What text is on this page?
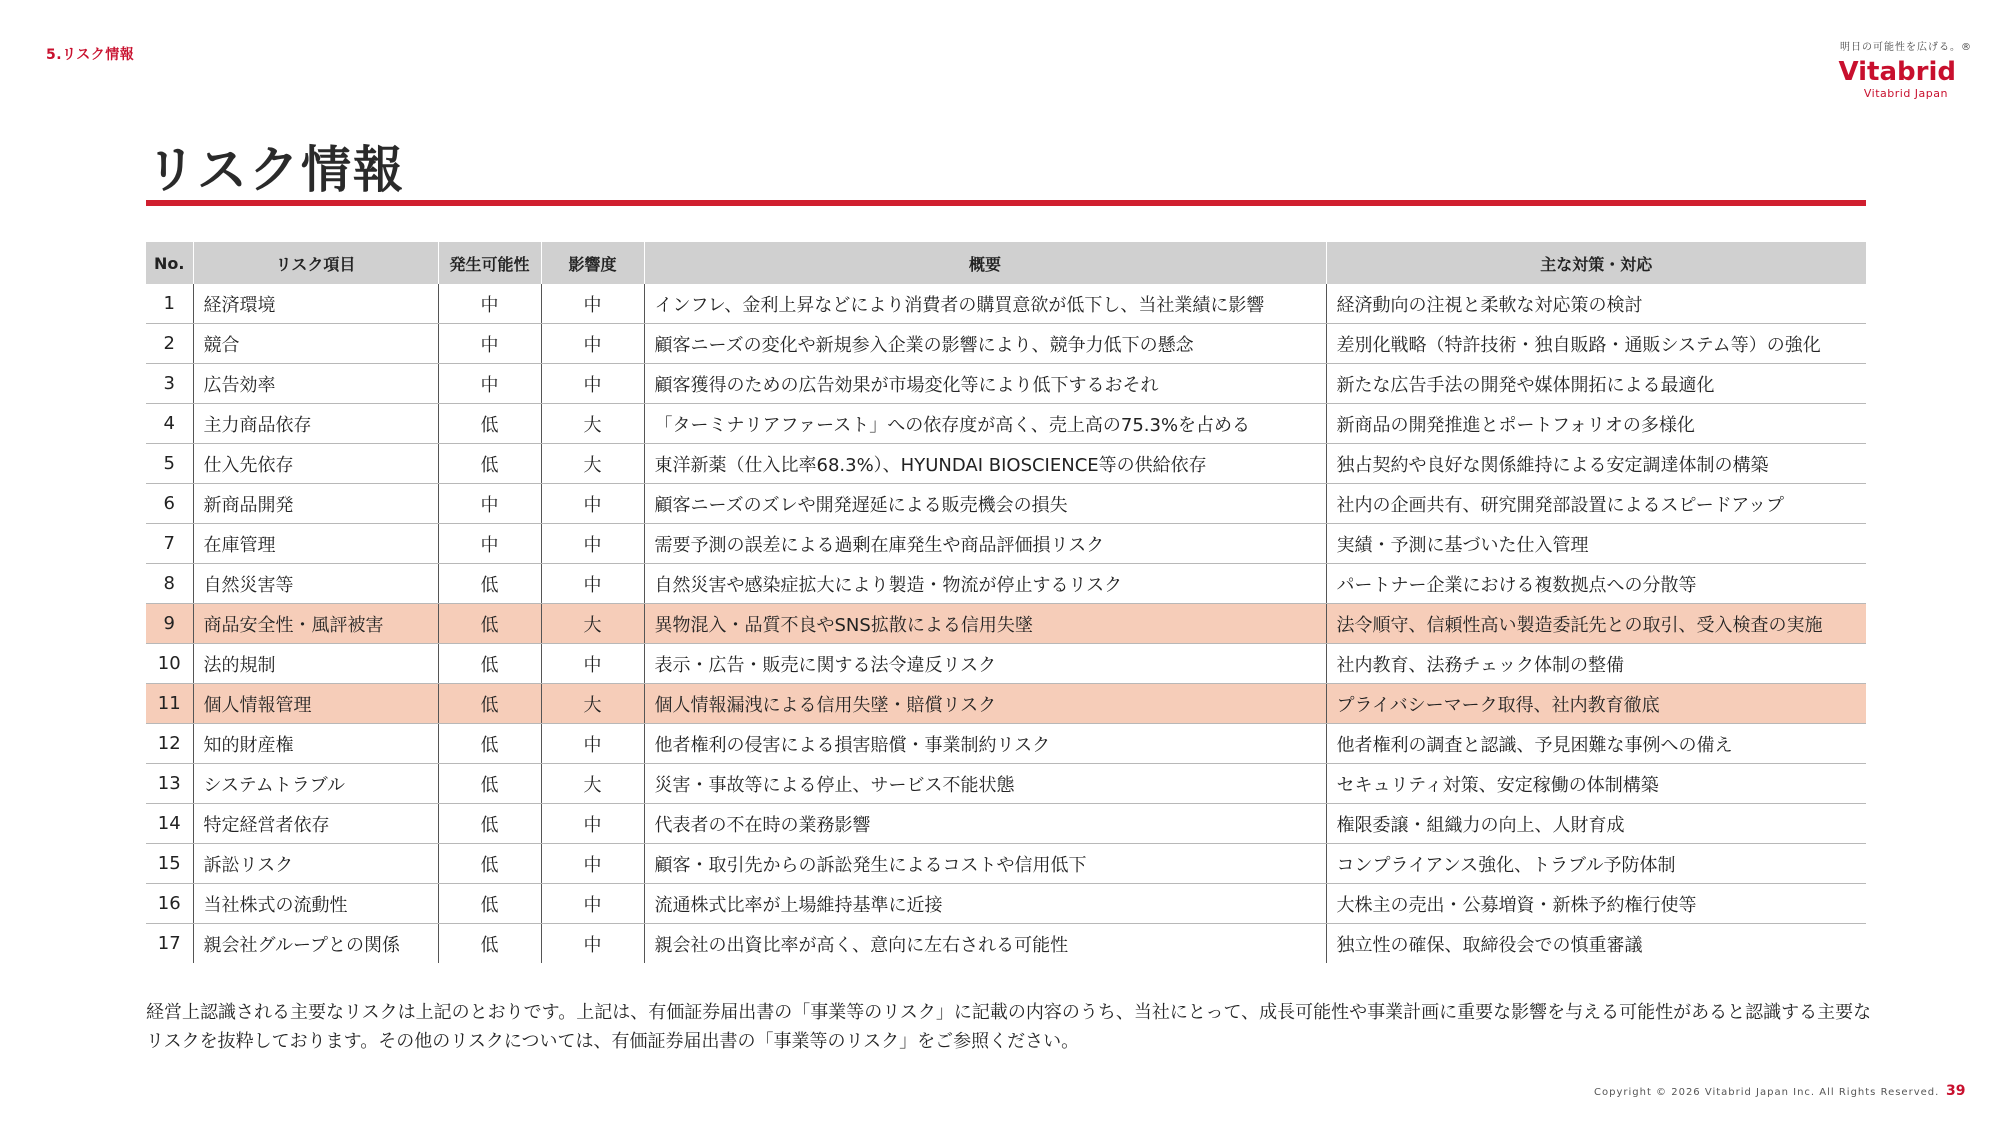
5.リスク情報	明日の可能性を広げる。®
Vitabrid
Vitabrid Japan
リスク情報
No.	リスク項目	発生可能性	影響度	概要	主な対策・対応
1	経済環境	中	中	インフレ、金利上昇などにより消費者の購買意欲が低下し、当社業績に影響	経済動向の注視と柔軟な対応策の検討
2	競合	中	中	顧客ニーズの変化や新規参入企業の影響により、競争力低下の懸念	差別化戦略（特許技術・独自販路・通販システム等）の強化
3	広告効率	中	中	顧客獲得のための広告効果が市場変化等により低下するおそれ	新たな広告手法の開発や媒体開拓による最適化
4	主力商品依存	低	大	「ターミナリアファースト」への依存度が高く、売上高の75.3%を占める	新商品の開発推進とポートフォリオの多様化
5	仕入先依存	低	大	東洋新薬（仕入比率68.3%）、HYUNDAI BIOSCIENCE等の供給依存	独占契約や良好な関係維持による安定調達体制の構築
6	新商品開発	中	中	顧客ニーズのズレや開発遅延による販売機会の損失	社内の企画共有、研究開発部設置によるスピードアップ
7	在庫管理	中	中	需要予測の誤差による過剰在庫発生や商品評価損リスク	実績・予測に基づいた仕入管理
8	自然災害等	低	中	自然災害や感染症拡大により製造・物流が停止するリスク	パートナー企業における複数拠点への分散等
9	商品安全性・風評被害	低	大	異物混入・品質不良やSNS拡散による信用失墜	法令順守、信頼性高い製造委託先との取引、受入検査の実施
10	法的規制	低	中	表示・広告・販売に関する法令違反リスク	社内教育、法務チェック体制の整備
11	個人情報管理	低	大	個人情報漏洩による信用失墜・賠償リスク	プライバシーマーク取得、社内教育徹底
12	知的財産権	低	中	他者権利の侵害による損害賠償・事業制約リスク	他者権利の調査と認識、予見困難な事例への備え
13	システムトラブル	低	大	災害・事故等による停止、サービス不能状態	セキュリティ対策、安定稼働の体制構築
14	特定経営者依存	低	中	代表者の不在時の業務影響	権限委譲・組織力の向上、人財育成
15	訴訟リスク	低	中	顧客・取引先からの訴訟発生によるコストや信用低下	コンプライアンス強化、トラブル予防体制
16	当社株式の流動性	低	中	流通株式比率が上場維持基準に近接	大株主の売出・公募増資・新株予約権行使等
17	親会社グループとの関係	低	中	親会社の出資比率が高く、意向に左右される可能性	独立性の確保、取締役会での慎重審議
経営上認識される主要なリスクは上記のとおりです。上記は、有価証券届出書の「事業等のリスク」に記載の内容のうち、当社にとって、成長可能性や事業計画に重要な影響を与える可能性があると認識する主要なリスクを抜粋しております。その他のリスクについては、有価証券届出書の「事業等のリスク」をご参照ください。
Copyright © 2026 Vitabrid Japan Inc. All Rights Reserved. 39
